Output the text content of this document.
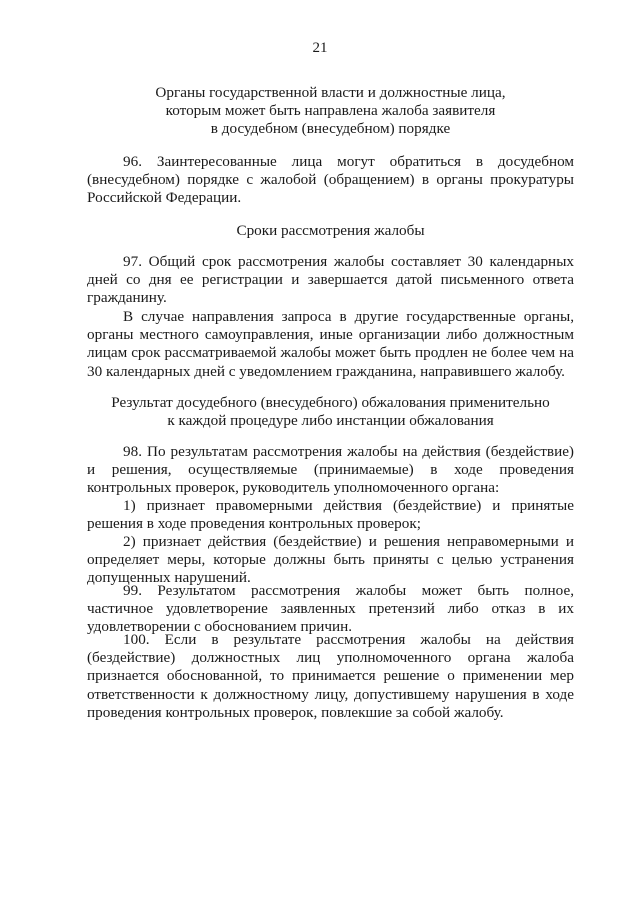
21
Органы государственной власти и должностные лица,
которым может быть направлена жалоба заявителя
в досудебном (внесудебном) порядке

96. Заинтересованные лица могут обратиться в досудебном (внесудебном) порядке с жалобой (обращением) в органы прокуратуры Российской Федерации.

Сроки рассмотрения жалобы

97. Общий срок рассмотрения жалобы составляет 30 календарных дней со дня ее регистрации и завершается датой письменного ответа гражданину.

В случае направления запроса в другие государственные органы, органы местного самоуправления, иные организации либо должностным лицам срок рассматриваемой жалобы может быть продлен не более чем на 30 календарных дней с уведомлением гражданина, направившего жалобу.

Результат досудебного (внесудебного) обжалования применительно
к каждой процедуре либо инстанции обжалования

98. По результатам рассмотрения жалобы на действия (бездействие) и решения, осуществляемые (принимаемые) в ходе проведения контрольных проверок, руководитель уполномоченного органа:

1) признает правомерными действия (бездействие) и принятые решения в ходе проведения контрольных проверок;

2) признает действия (бездействие) и решения неправомерными и определяет меры, которые должны быть приняты с целью устранения допущенных нарушений.

99. Результатом рассмотрения жалобы может быть полное, частичное удовлетворение заявленных претензий либо отказ в их удовлетворении с обоснованием причин.

100. Если в результате рассмотрения жалобы на действия (бездействие) должностных лиц уполномоченного органа жалоба признается обоснованной, то принимается решение о применении мер ответственности к должностному лицу, допустившему нарушения в ходе проведения контрольных проверок, повлекшие за собой жалобу.
